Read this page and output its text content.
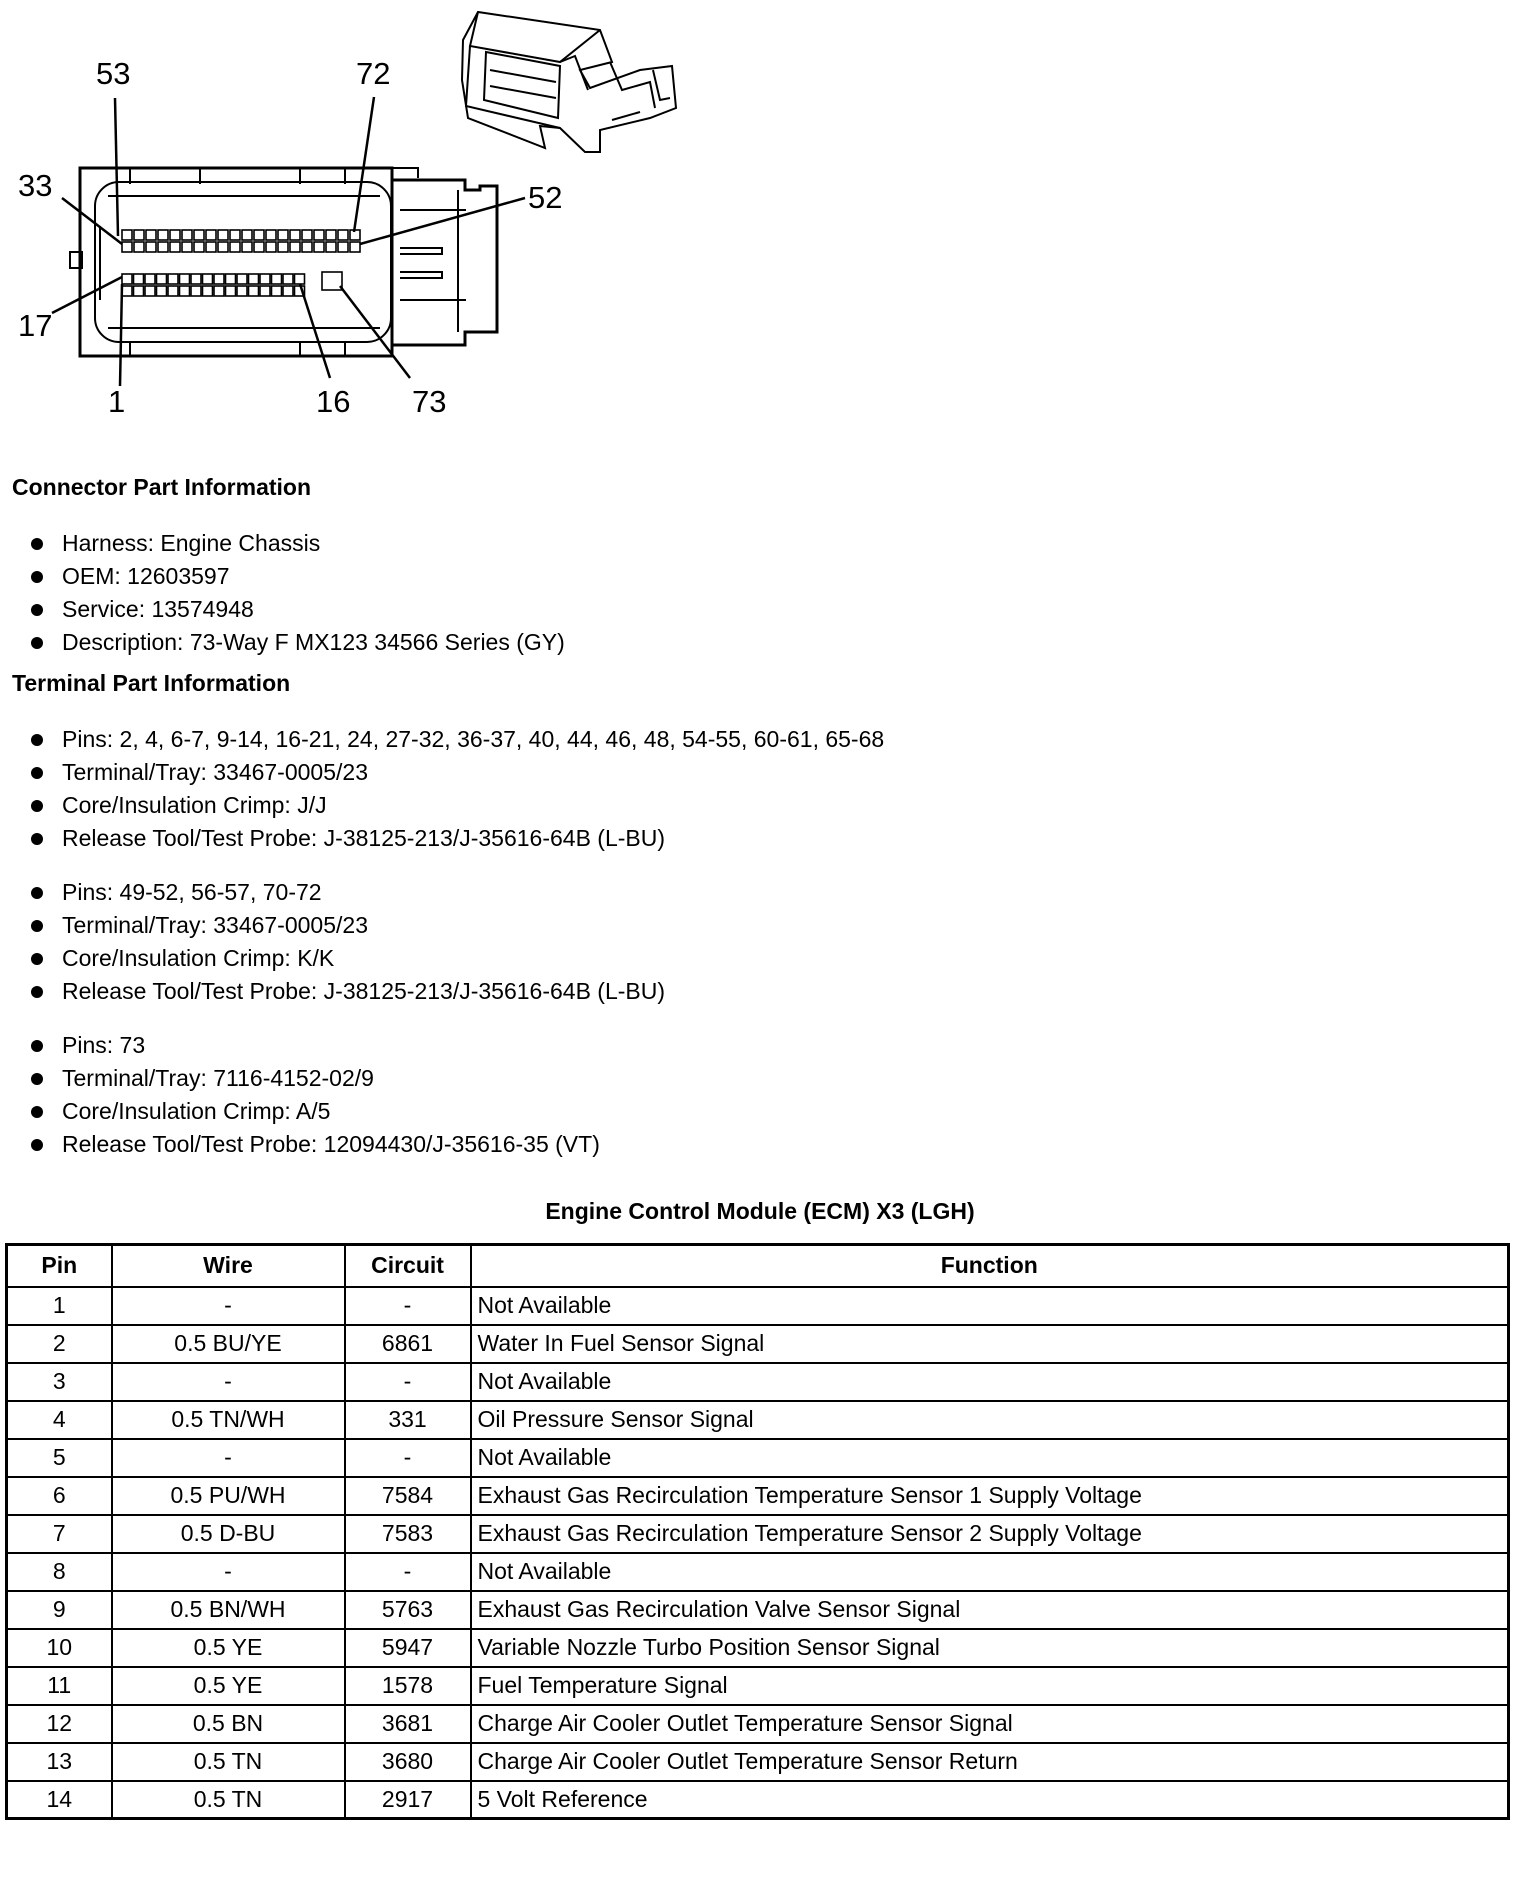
53	72
33	52
17
1	16 73
Connector Part Information
Harness: Engine Chassis
OEM: 12603597
Service: 13574948
Description: 73-Way F MX123 34566 Series (GY)
Terminal Part Information
Pins: 2, 4, 6-7, 9-14, 16-21, 24, 27-32, 36-37, 40, 44, 46, 48, 54-55, 60-61, 65-68
Terminal/Tray: 33467-0005/23
Core/Insulation Crimp: J/J
Release Tool/Test Probe: J-38125-213/J-35616-64B (L-BU)
Pins: 49-52, 56-57, 70-72
Terminal/Tray: 33467-0005/23
Core/Insulation Crimp: K/K
Release Tool/Test Probe: J-38125-213/J-35616-64B (L-BU)
Pins: 73
Terminal/Tray: 7116-4152-02/9
Core/Insulation Crimp: A/5
Release Tool/Test Probe: 12094430/J-35616-35 (VT)
Engine Control Module (ECM) X3 (LGH)
Pin	Wire	Circuit	Function
1	-	-	Not Available
2	0.5 BU/YE	6861	Water In Fuel Sensor Signal
3	-	-	Not Available
4	0.5 TN/WH	331	Oil Pressure Sensor Signal
5	-	-	Not Available
6	0.5 PU/WH	7584	Exhaust Gas Recirculation Temperature Sensor 1 Supply Voltage
7	0.5 D-BU	7583	Exhaust Gas Recirculation Temperature Sensor 2 Supply Voltage
8	-	-	Not Available
9	0.5 BN/WH	5763	Exhaust Gas Recirculation Valve Sensor Signal
10	0.5 YE	5947	Variable Nozzle Turbo Position Sensor Signal
11	0.5 YE	1578	Fuel Temperature Signal
12	0.5 BN	3681	Charge Air Cooler Outlet Temperature Sensor Signal
13	0.5 TN	3680	Charge Air Cooler Outlet Temperature Sensor Return
14	0.5 TN	2917	5 Volt Reference
